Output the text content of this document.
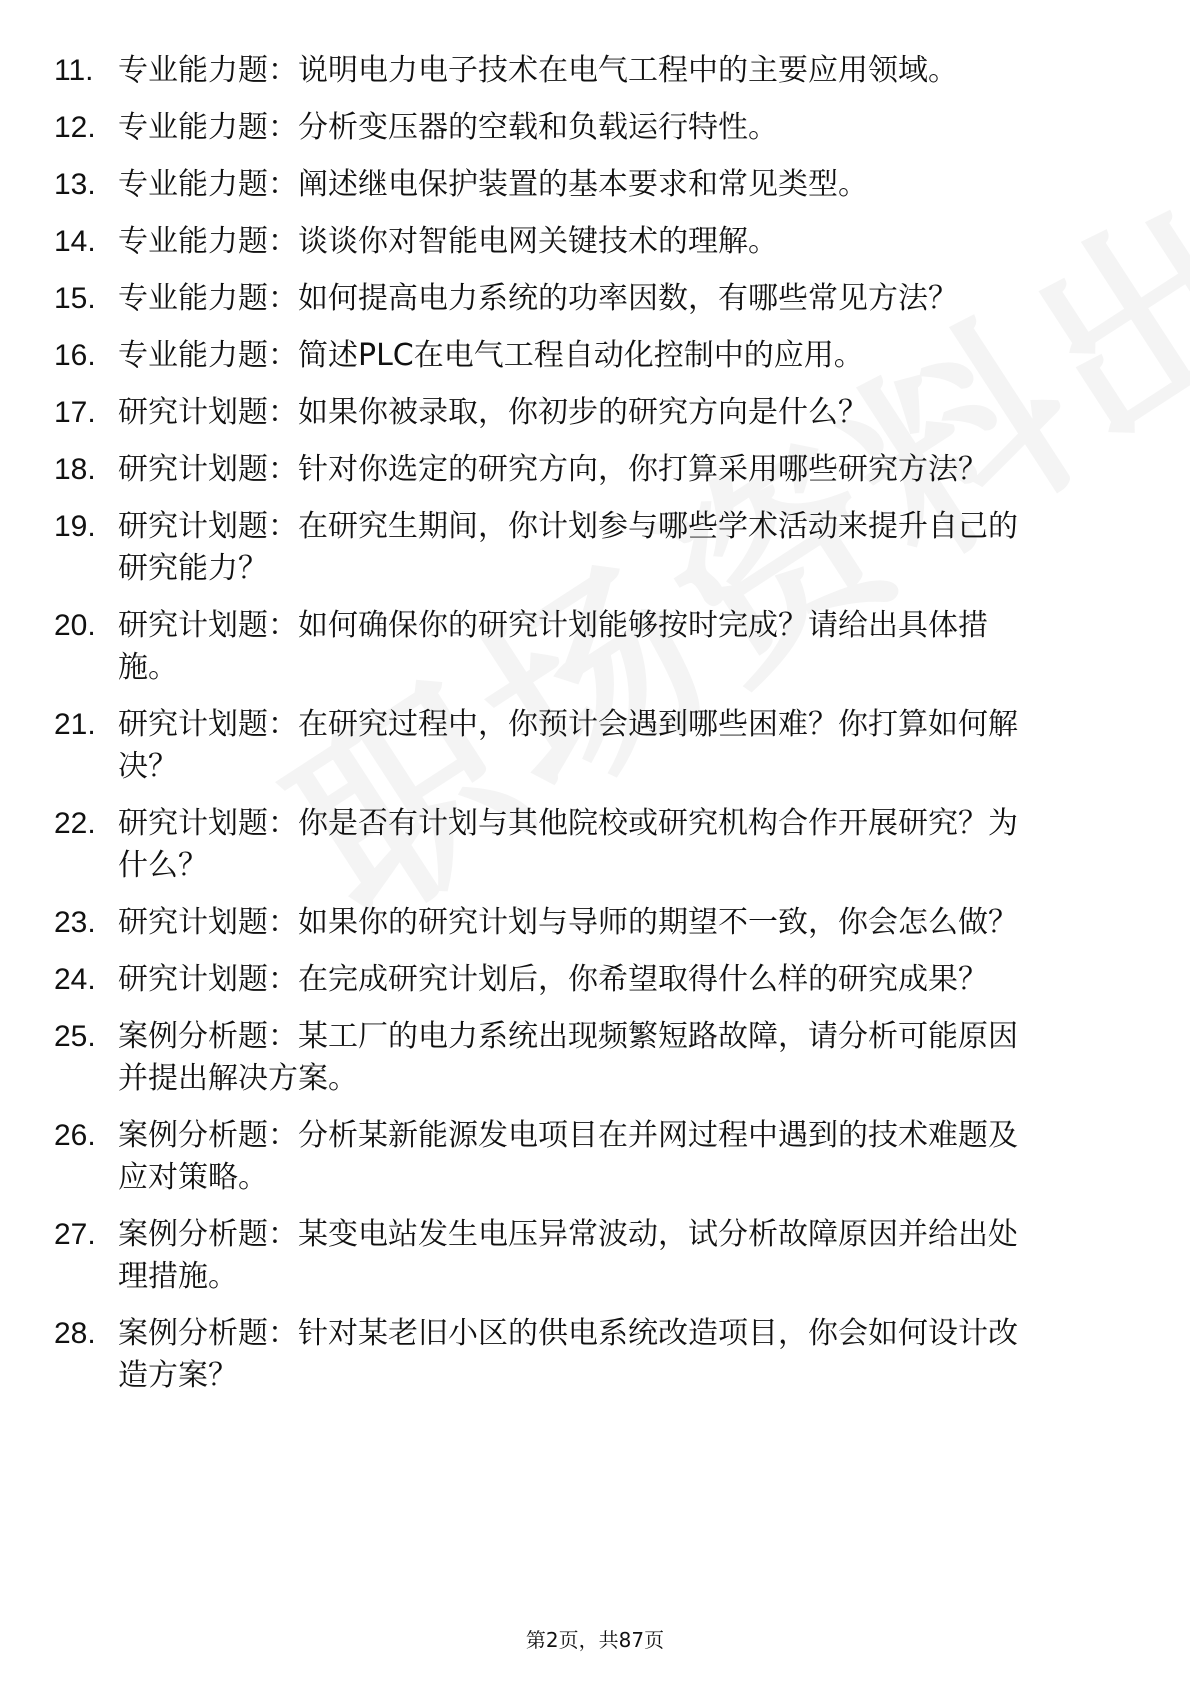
11. 专业能力题：说明电力电子技术在电气工程中的主要应用领域。
12. 专业能力题：分析变压器的空载和负载运行特性。
13. 专业能力题：阐述继电保护装置的基本要求和常见类型。
14. 专业能力题：谈谈你对智能电网关键技术的理解。
15. 专业能力题：如何提高电力系统的功率因数，有哪些常见方法？
16. 专业能力题：简述PLC在电气工程自动化控制中的应用。
17. 研究计划题：如果你被录取，你初步的研究方向是什么？
18. 研究计划题：针对你选定的研究方向，你打算采用哪些研究方法？
19. 研究计划题：在研究生期间，你计划参与哪些学术活动来提升自己的研究能力？
20. 研究计划题：如何确保你的研究计划能够按时完成？请给出具体措施。
21. 研究计划题：在研究过程中，你预计会遇到哪些困难？你打算如何解决？
22. 研究计划题：你是否有计划与其他院校或研究机构合作开展研究？为什么？
23. 研究计划题：如果你的研究计划与导师的期望不一致，你会怎么做？
24. 研究计划题：在完成研究计划后，你希望取得什么样的研究成果？
25. 案例分析题：某工厂的电力系统出现频繁短路故障，请分析可能原因并提出解决方案。
26. 案例分析题：分析某新能源发电项目在并网过程中遇到的技术难题及应对策略。
27. 案例分析题：某变电站发生电压异常波动，试分析故障原因并给出处理措施。
28. 案例分析题：针对某老旧小区的供电系统改造项目，你会如何设计改造方案？
第2页，共87页
